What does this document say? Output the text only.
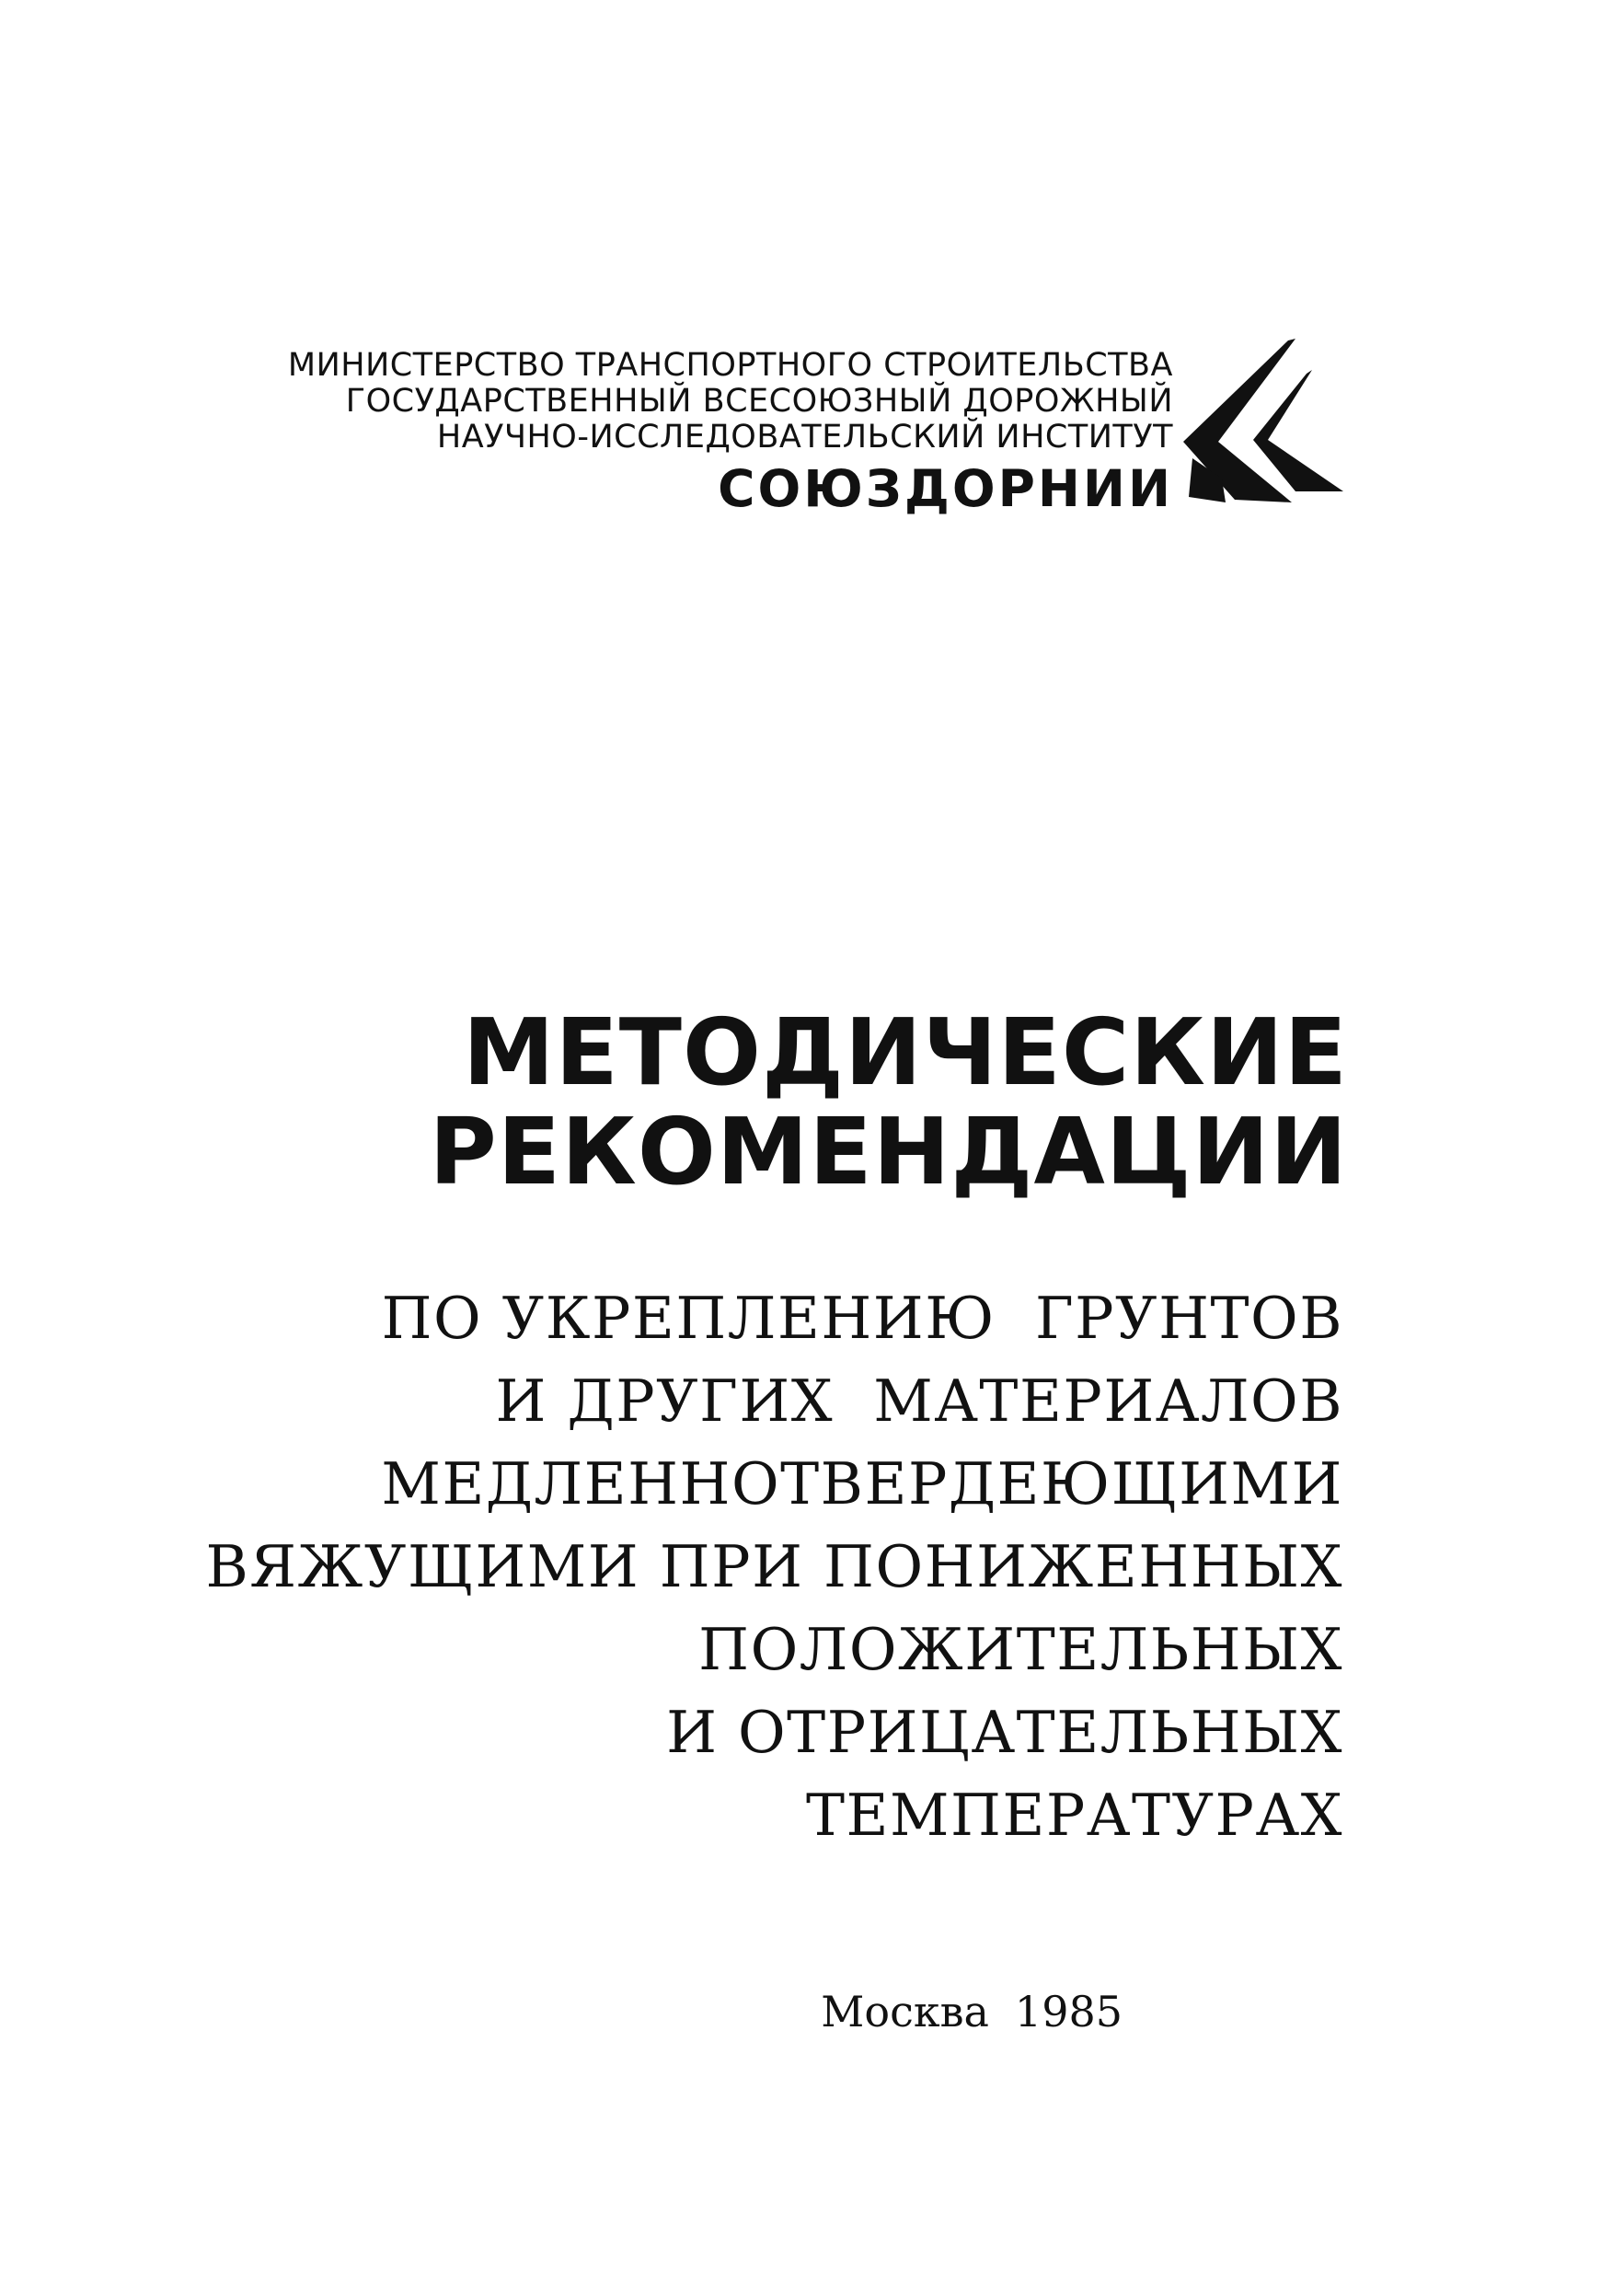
МИНИСТЕРСТВО ТРАНСПОРТНОГО СТРОИТЕЛЬСТВА
ГОСУДАРСТВЕННЫЙ ВСЕСОЮЗНЫЙ ДОРОЖНЫЙ
НАУЧНО-ИССЛЕДОВАТЕЛЬСКИЙ ИНСТИТУТ
СОЮЗДОРНИИ
МЕТОДИЧЕСКИЕ
РЕКОМЕНДАЦИИ
ПО УКРЕПЛЕНИЮ  ГРУНТОВ
И ДРУГИХ  МАТЕРИАЛОВ
МЕДЛЕННОТВЕРДЕЮЩИМИ
ВЯЖУЩИМИ ПРИ ПОНИЖЕННЫХ
ПОЛОЖИТЕЛЬНЫХ
И ОТРИЦАТЕЛЬНЫХ
ТЕМПЕРАТУРАХ
Москва 1985
